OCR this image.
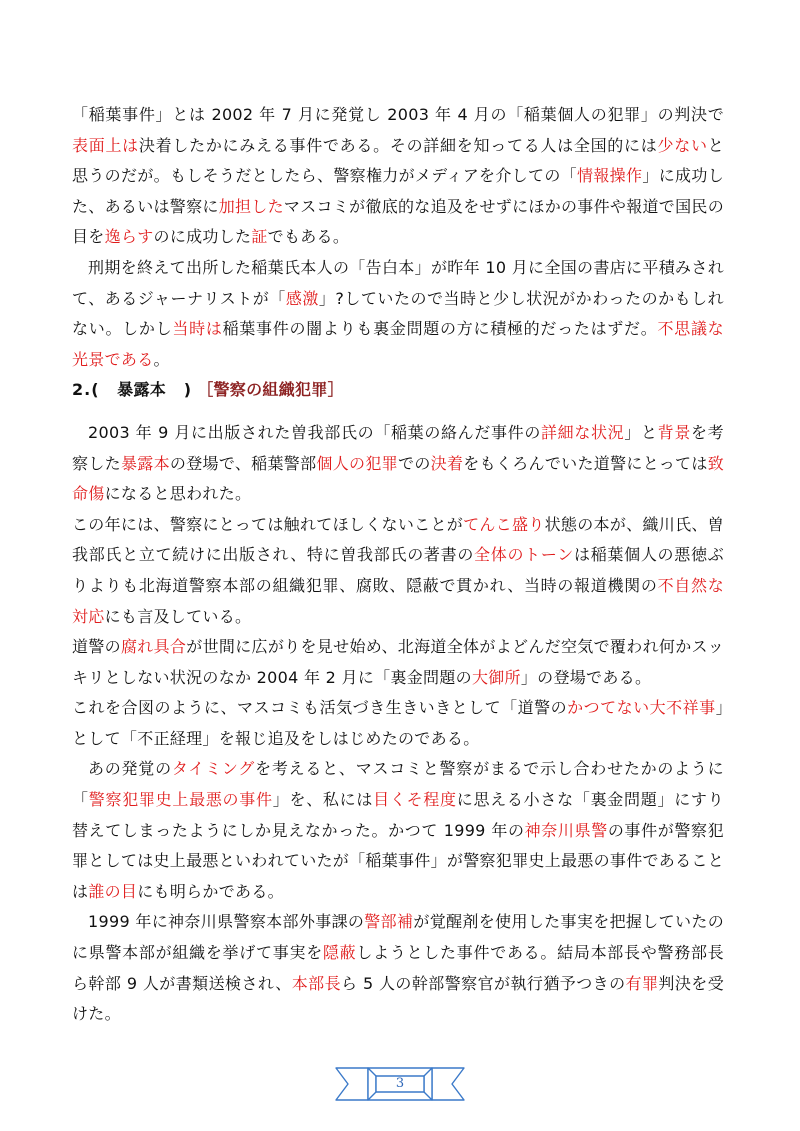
「稲葉事件」とは 2002 年 7 月に発覚し 2003 年 4 月の「稲葉個人の犯罪」の判決で表面上は決着したかにみえる事件である。その詳細を知ってる人は全国的には少ないと思うのだが。もしそうだとしたら、警察権力がメディアを介しての「情報操作」に成功した、あるいは警察に加担したマスコミが徹底的な追及をせずにほかの事件や報道で国民の目を逸らすのに成功した証でもある。

刑期を終えて出所した稲葉氏本人の「告白本」が昨年 10 月に全国の書店に平積みされて、あるジャーナリストが「感激」?していたので当時と少し状況がかわったのかもしれない。しかし当時は稲葉事件の闇よりも裏金問題の方に積極的だったはずだ。不思議な光景である。

2.( 暴露本 ) ［警察の組織犯罪］

2003 年 9 月に出版された曽我部氏の「稲葉の絡んだ事件の詳細な状況」と背景を考察した暴露本の登場で、稲葉警部個人の犯罪での決着をもくろんでいた道警にとっては致命傷になると思われた。

この年には、警察にとっては触れてほしくないことがてんこ盛り状態の本が、織川氏、曽我部氏と立て続けに出版され、特に曽我部氏の著書の全体のトーンは稲葉個人の悪徳ぶりよりも北海道警察本部の組織犯罪、腐敗、隠蔽で貫かれ、当時の報道機関の不自然な対応にも言及している。

道警の腐れ具合が世間に広がりを見せ始め、北海道全体がよどんだ空気で覆われ何かスッキリとしない状況のなか 2004 年 2 月に「裏金問題の大御所」の登場である。

これを合図のように、マスコミも活気づき生きいきとして「道警のかつてない大不祥事」として「不正経理」を報じ追及をしはじめたのである。

あの発覚のタイミングを考えると、マスコミと警察がまるで示し合わせたかのように「警察犯罪史上最悪の事件」を、私には目くそ程度に思える小さな「裏金問題」にすり替えてしまったようにしか見えなかった。かつて 1999 年の神奈川県警の事件が警察犯罪としては史上最悪といわれていたが「稲葉事件」が警察犯罪史上最悪の事件であることは誰の目にも明らかである。

1999 年に神奈川県警察本部外事課の警部補が覚醒剤を使用した事実を把握していたのに県警本部が組織を挙げて事実を隠蔽しようとした事件である。結局本部長や警務部長ら幹部 9 人が書類送検され、本部長ら 5 人の幹部警察官が執行猶予つきの有罪判決を受けた。

3
